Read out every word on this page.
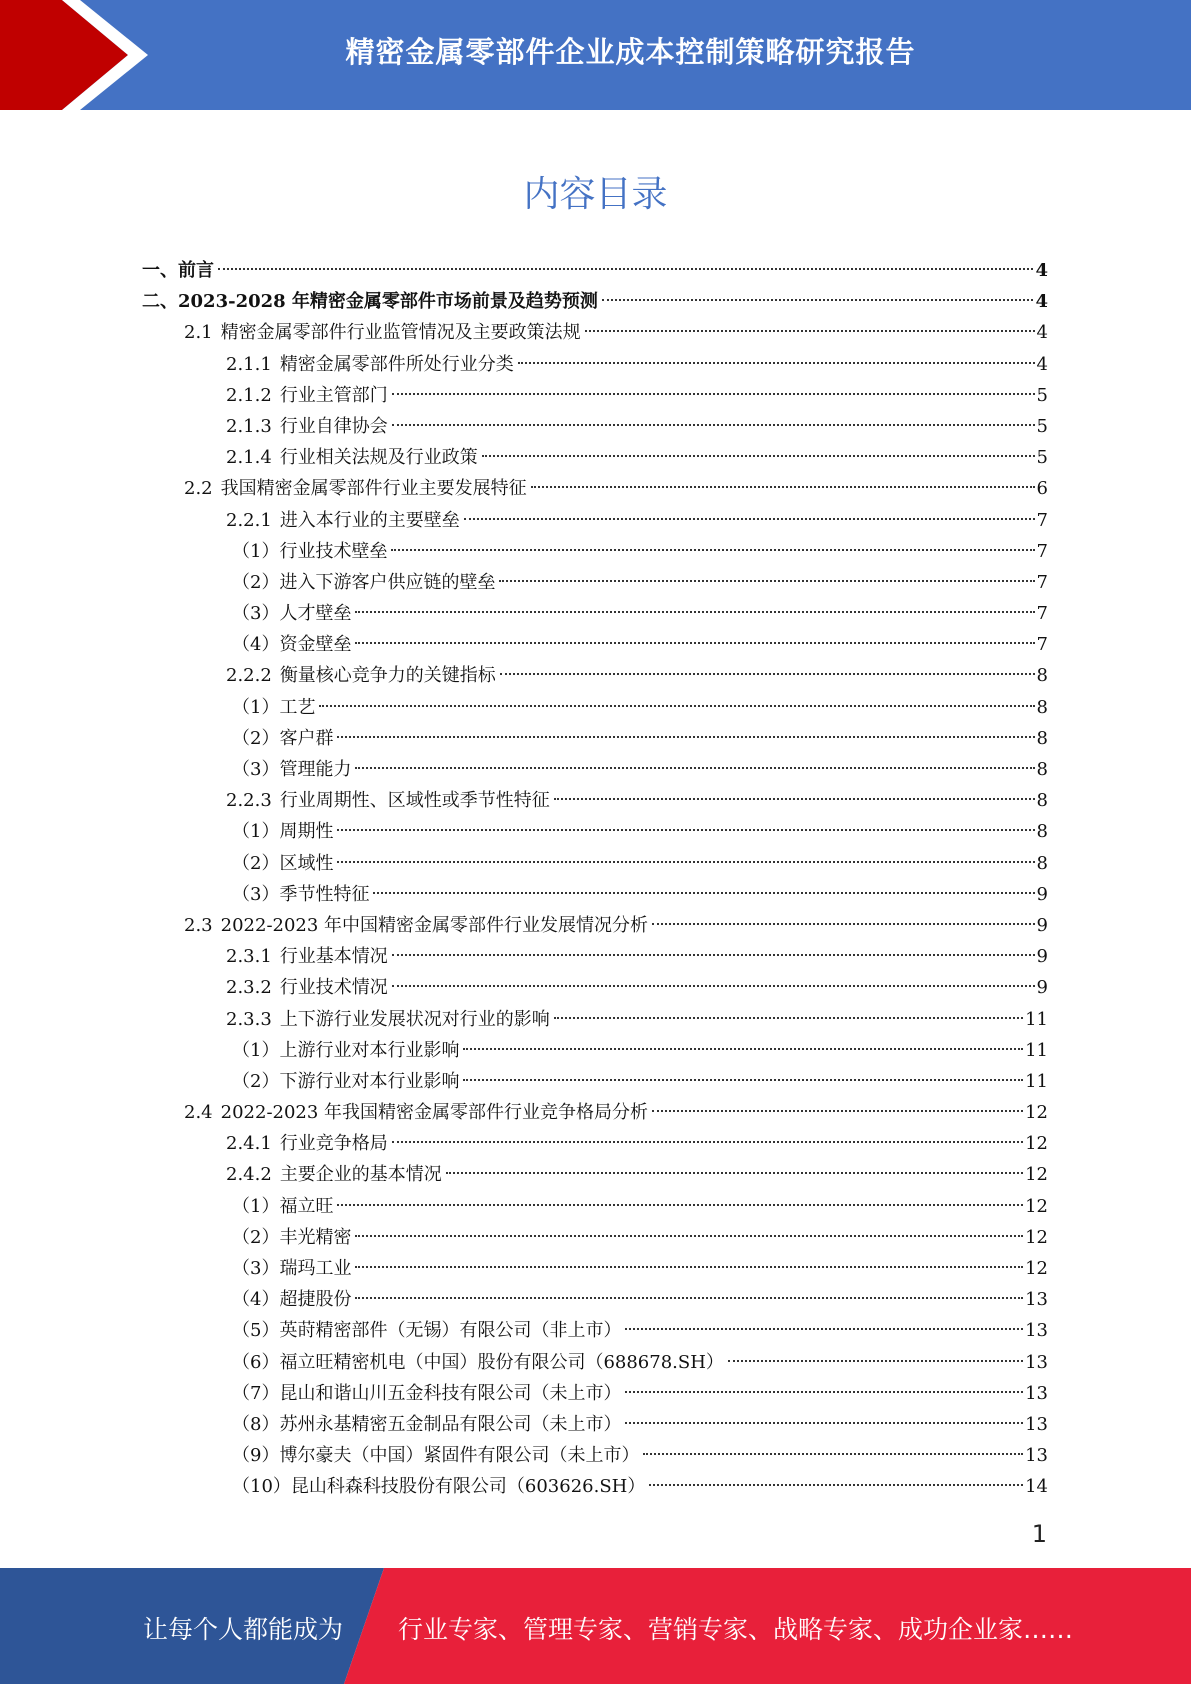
精密金属零部件企业成本控制策略研究报告
内容目录
一、 前言	4
二、 2023-2028 年精密金属零部件市场前景及趋势预测	4
2.1 精密金属零部件行业监管情况及主要政策法规	4
2.1.1 精密金属零部件所处行业分类	4
2.1.2 行业主管部门	5
2.1.3 行业自律协会	5
2.1.4 行业相关法规及行业政策	5
2.2 我国精密金属零部件行业主要发展特征	6
2.2.1 进入本行业的主要壁垒	7
（1） 行业技术壁垒	7
（2） 进入下游客户供应链的壁垒	7
（3） 人才壁垒	7
（4） 资金壁垒	7
2.2.2 衡量核心竞争力的关键指标	8
（1） 工艺	8
（2） 客户群	8
（3） 管理能力	8
2.2.3 行业周期性、区域性或季节性特征	8
（1） 周期性	8
（2） 区域性	8
（3） 季节性特征	9
2.3 2022-2023 年中国精密金属零部件行业发展情况分析	9
2.3.1 行业基本情况	9
2.3.2 行业技术情况	9
2.3.3 上下游行业发展状况对行业的影响	11
（1） 上游行业对本行业影响	11
（2） 下游行业对本行业影响	11
2.4 2022-2023 年我国精密金属零部件行业竞争格局分析	12
2.4.1 行业竞争格局	12
2.4.2 主要企业的基本情况	12
（1） 福立旺	12
（2） 丰光精密	12
（3） 瑞玛工业	12
（4） 超捷股份	13
（5） 英莳精密部件（无锡）有限公司（非上市）	13
（6） 福立旺精密机电（中国）股份有限公司（688678.SH）	13
（7） 昆山和谐山川五金科技有限公司（未上市）	13
（8） 苏州永基精密五金制品有限公司（未上市）	13
（9） 博尔豪夫（中国）紧固件有限公司（未上市）	13
（10） 昆山科森科技股份有限公司（603626.SH）	14
1
让每个人都能成为 行业专家、管理专家、营销专家、战略专家、成功企业家……
